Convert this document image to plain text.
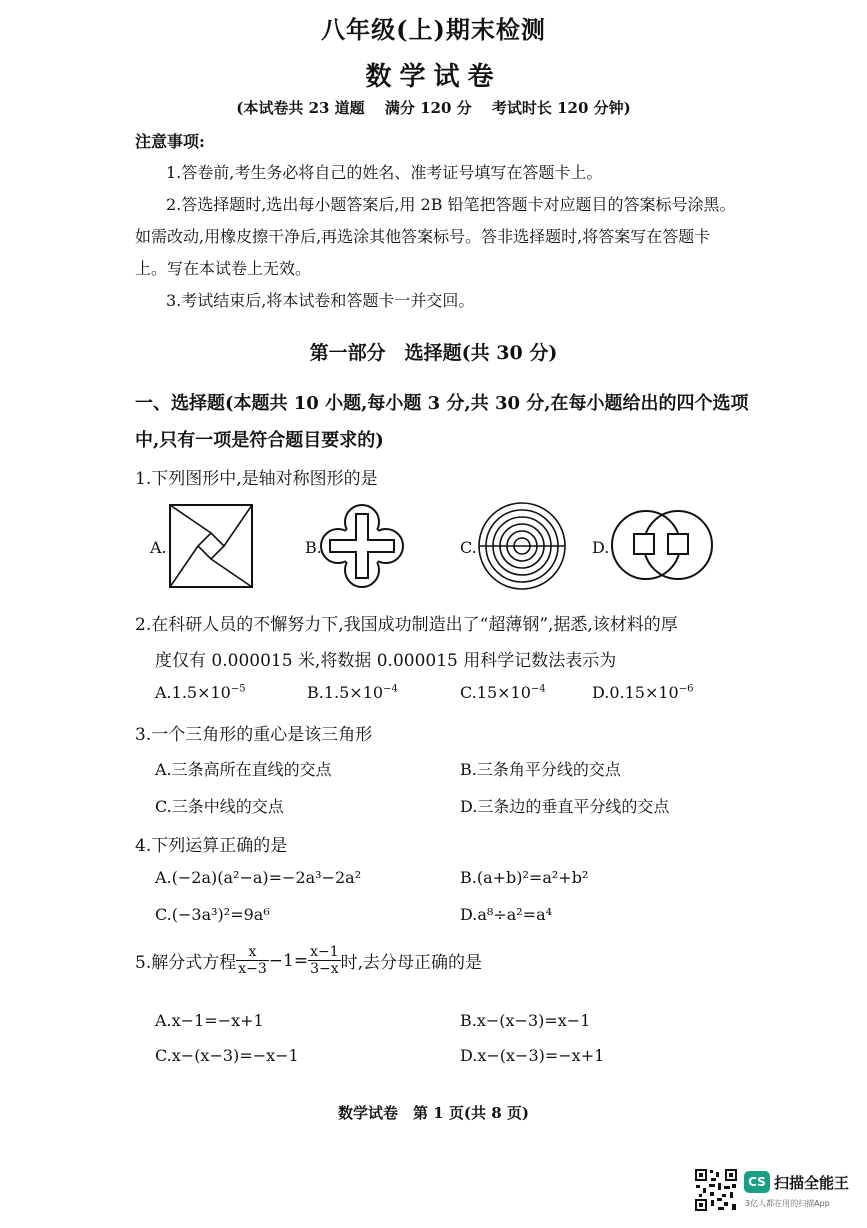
八年级(上)期末检测
数学试卷
(本试卷共 23 道题　 满分 120 分　 考试时长 120 分钟)
注意事项:
1.答卷前,考生务必将自己的姓名、准考证号填写在答题卡上。
2.答选择题时,选出每小题答案后,用 2B 铅笔把答题卡对应题目的答案标号涂黑。
如需改动,用橡皮擦干净后,再选涂其他答案标号。答非选择题时,将答案写在答题卡
上。写在本试卷上无效。
3.考试结束后,将本试卷和答题卡一并交回。
第一部分　选择题(共 30 分)
一、选择题(本题共 10 小题,每小题 3 分,共 30 分,在每小题给出的四个选项
中,只有一项是符合题目要求的)
1.下列图形中,是轴对称图形的是
A.	B.	C.	D.
2.在科研人员的不懈努力下,我国成功制造出了“超薄钢”,据悉,该材料的厚
度仅有 0.000015 米,将数据 0.000015 用科学记数法表示为
$A.1.5\times 10^{-5}$	$B.1.5\times 10^{-4}$	$C.15\times 10^{-4}$	$D.0.15\times 10^{-6}$
3.一个三角形的重心是该三角形
A.三条高所在直线的交点	B.三条角平分线的交点
C.三条中线的交点	D.三条边的垂直平分线的交点
4.下列运算正确的是
A.(−2a)(a²−a)=−2a³−2a²	B.(a+b)²=a²+b²
C.(−3a³)²=9a⁶	D.a⁸÷a²=a⁴
5.解分式方程 $\frac{x}{x-3} -1= \frac{x-1}{3-x}$ 时,去分母正确的是
A.x−1=−x+1	B.x−(x−3)=x−1
C.x−(x−3)=−x−1	D.x−(x−3)=−x+1
数学试卷　第 1 页(共 8 页)
CS 扫描全能王
3亿人都在用的扫描App
